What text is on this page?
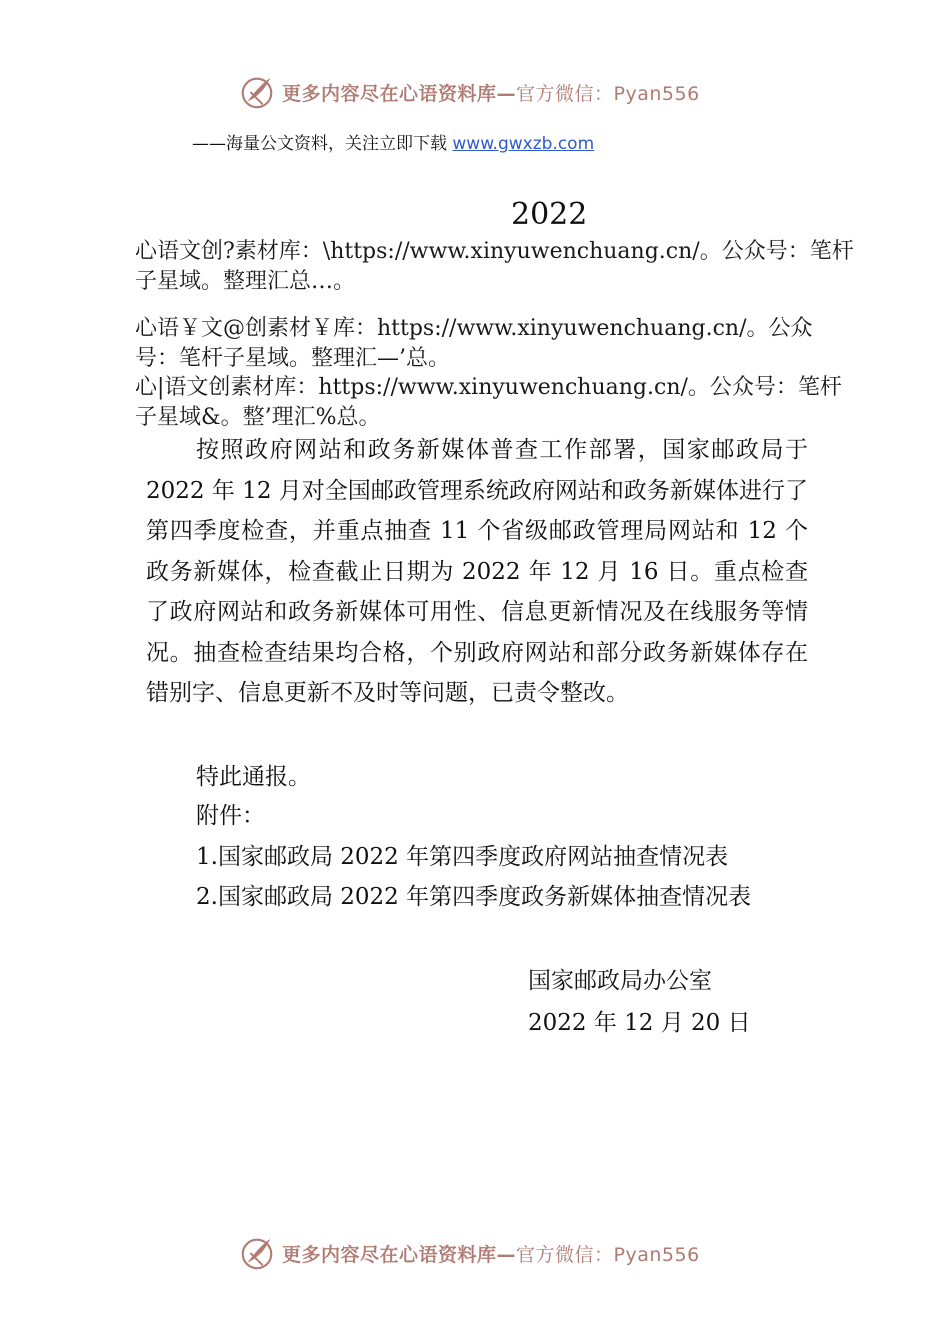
更多内容尽在心语资料库—官方微信：Pyan556
——海量公文资料，关注立即下载 www.gwxzb.com
2022
心语文创?素材库：\https://www.xinyuwenchuang.cn/。公众号：笔杆子星域。整理汇总…。
心语￥文@创素材￥库：https://www.xinyuwenchuang.cn/。公众号：笔杆子星域。整理汇—’总。
心|语文创素材库：https://www.xinyuwenchuang.cn/。公众号：笔杆子星域&。整’理汇%总。
按照政府网站和政务新媒体普查工作部署，国家邮政局于 2022 年 12 月对全国邮政管理系统政府网站和政务新媒体进行了第四季度检查，并重点抽查 11 个省级邮政管理局网站和 12 个政务新媒体，检查截止日期为 2022 年 12 月 16 日。重点检查了政府网站和政务新媒体可用性、信息更新情况及在线服务等情况。抽查检查结果均合格，个别政府网站和部分政务新媒体存在错别字、信息更新不及时等问题，已责令整改。
特此通报。
附件：
1.国家邮政局 2022 年第四季度政府网站抽查情况表
2.国家邮政局 2022 年第四季度政务新媒体抽查情况表
国家邮政局办公室
2022 年 12 月 20 日
更多内容尽在心语资料库—官方微信：Pyan556
